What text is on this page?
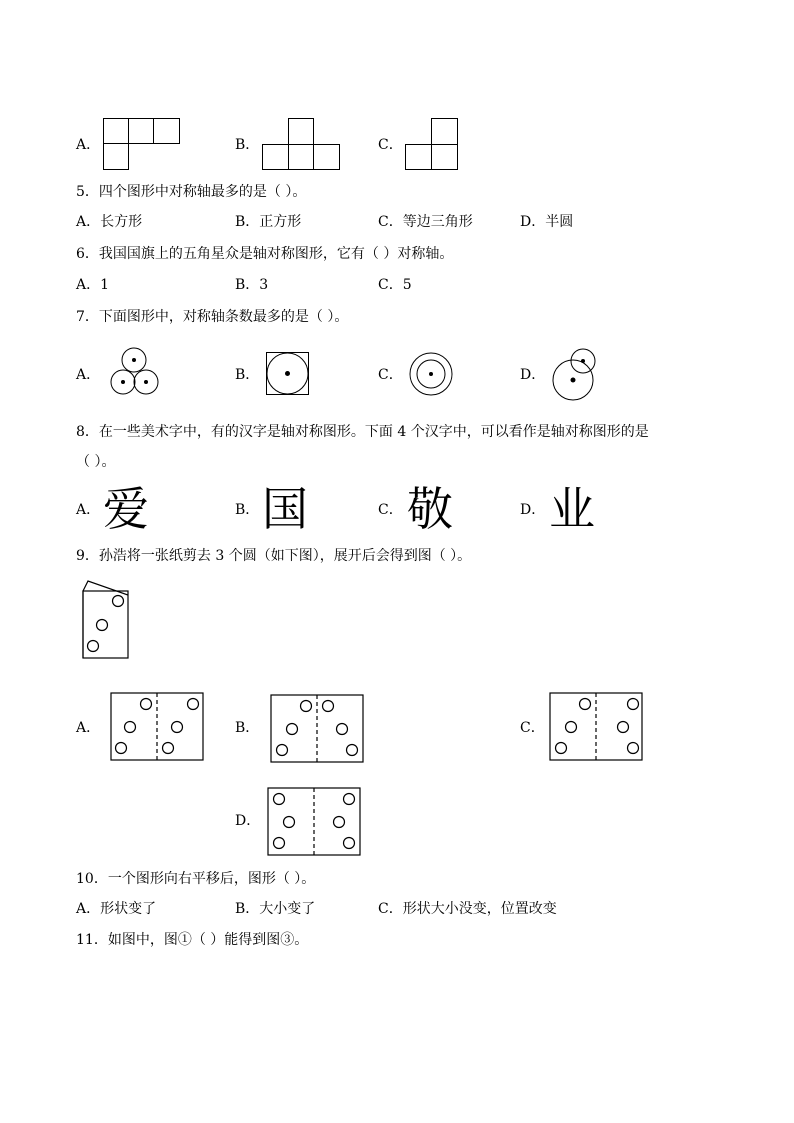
A．	B．	C．
5．四个图形中对称轴最多的是（ ）。
A．长方形	B．正方形	C．等边三角形	D．半圆
6．我国国旗上的五角星众是轴对称图形，它有（ ）对称轴。
A．1	B．3	C．5
7．下面图形中，对称轴条数最多的是（ ）。
A．	B．	C．	D．
8．在一些美术字中，有的汉字是轴对称图形。下面 4 个汉字中，可以看作是轴对称图形的是
（ ）。
A． 爱	B． 国	C． 敬	D． 业
9．孙浩将一张纸剪去 3 个圆（如下图），展开后会得到图（ ）。
A．	B．	C．
D．
10．一个图形向右平移后，图形（ ）。
A．形状变了	B．大小变了	C．形状大小没变，位置改变
11．如图中，图①（ ）能得到图③。
